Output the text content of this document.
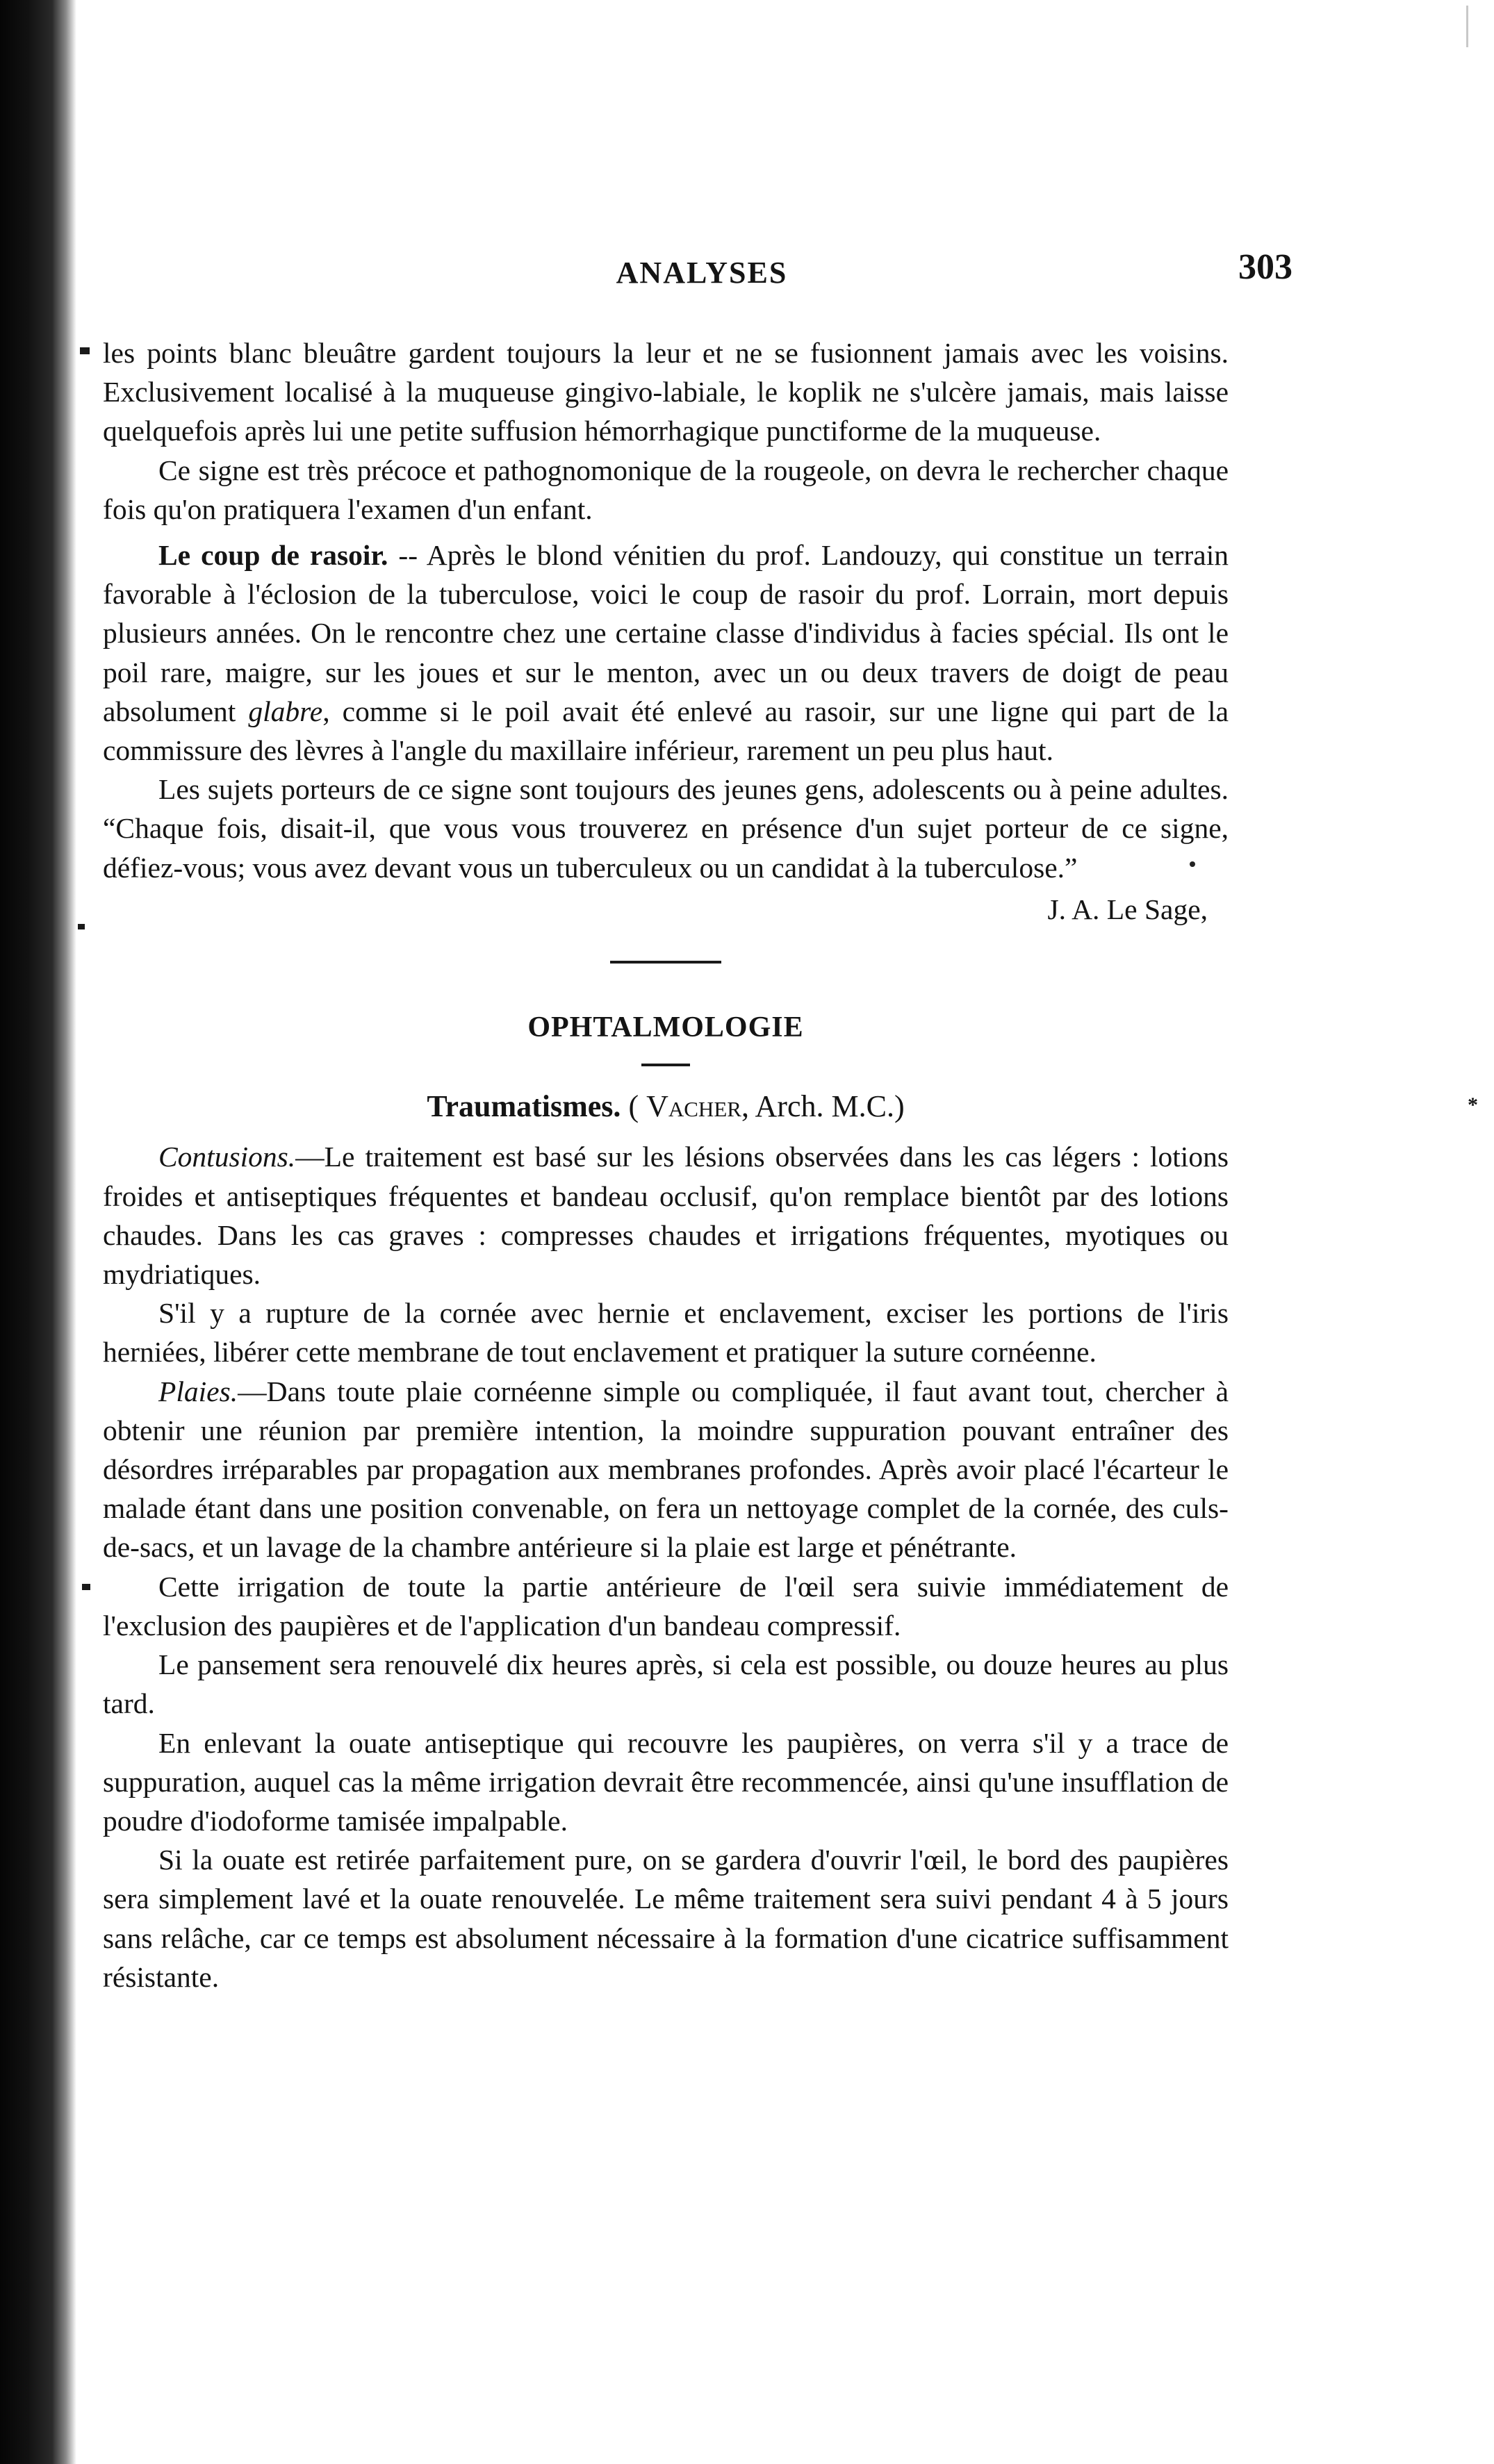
ANALYSES	303

les points blanc bleuâtre gardent toujours la leur et ne se fusionnent jamais avec les voisins. Exclusivement localisé à la muqueuse gingivo-labiale, le koplik ne s'ulcère jamais, mais laisse quelquefois après lui une petite suffusion hémorrhagique punctiforme de la muqueuse.

Ce signe est très précoce et pathognomonique de la rougeole, on devra le rechercher chaque fois qu'on pratiquera l'examen d'un enfant.

Le coup de rasoir. -- Après le blond vénitien du prof. Landouzy, qui constitue un terrain favorable à l'éclosion de la tuberculose, voici le coup de rasoir du prof. Lorrain, mort depuis plusieurs années. On le rencontre chez une certaine classe d'individus à facies spécial. Ils ont le poil rare, maigre, sur les joues et sur le menton, avec un ou deux travers de doigt de peau absolument glabre, comme si le poil avait été enlevé au rasoir, sur une ligne qui part de la commissure des lèvres à l'angle du maxillaire inférieur, rarement un peu plus haut.

Les sujets porteurs de ce signe sont toujours des jeunes gens, adolescents ou à peine adultes. “Chaque fois, disait-il, que vous vous trouverez en présence d'un sujet porteur de ce signe, défiez-vous; vous avez devant vous un tuberculeux ou un candidat à la tuberculose.”

J. A. Le Sage,

OPHTALMOLOGIE

Traumatismes. ( Vacher, Arch. M.C.)

Contusions.—Le traitement est basé sur les lésions observées dans les cas légers : lotions froides et antiseptiques fréquentes et bandeau occlusif, qu'on remplace bientôt par des lotions chaudes. Dans les cas graves : compresses chaudes et irrigations fréquentes, myotiques ou mydriatiques.

S'il y a rupture de la cornée avec hernie et enclavement, exciser les portions de l'iris herniées, libérer cette membrane de tout enclavement et pratiquer la suture cornéenne.

Plaies.—Dans toute plaie cornéenne simple ou compliquée, il faut avant tout, chercher à obtenir une réunion par première intention, la moindre suppuration pouvant entraîner des désordres irréparables par propagation aux membranes profondes. Après avoir placé l'écarteur le malade étant dans une position convenable, on fera un nettoyage complet de la cornée, des culs-de-sacs, et un lavage de la chambre antérieure si la plaie est large et pénétrante.

Cette irrigation de toute la partie antérieure de l'œil sera suivie immédiatement de l'exclusion des paupières et de l'application d'un bandeau compressif.

Le pansement sera renouvelé dix heures après, si cela est possible, ou douze heures au plus tard.

En enlevant la ouate antiseptique qui recouvre les paupières, on verra s'il y a trace de suppuration, auquel cas la même irrigation devrait être recommencée, ainsi qu'une insufflation de poudre d'iodoforme tamisée impalpable.

Si la ouate est retirée parfaitement pure, on se gardera d'ouvrir l'œil, le bord des paupières sera simplement lavé et la ouate renouvelée. Le même traitement sera suivi pendant 4 à 5 jours sans relâche, car ce temps est absolument nécessaire à la formation d'une cicatrice suffisamment résistante.

*
